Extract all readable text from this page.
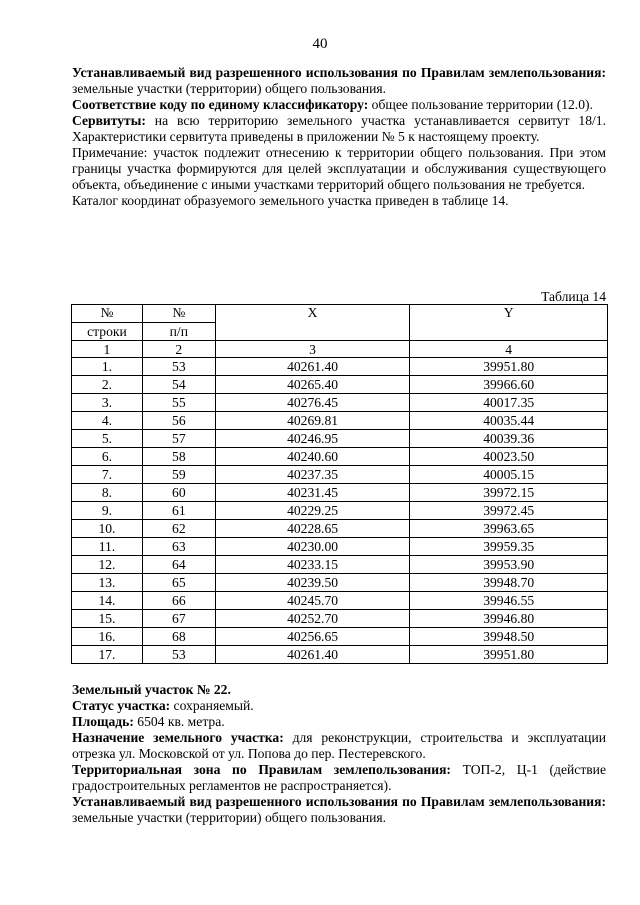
40

Устанавливаемый вид разрешенного использования по Правилам землепользования: земельные участки (территории) общего пользования.

Соответствие коду по единому классификатору: общее пользование территории (12.0).

Сервитуты: на всю территорию земельного участка устанавливается сервитут 18/1. Характеристики сервитута приведены в приложении № 5 к настоящему проекту.

Примечание: участок подлежит отнесению к территории общего пользования. При этом границы участка формируются для целей эксплуатации и обслуживания существующего объекта, объединение с иными участками территорий общего пользования не требуется.

Каталог координат образуемого земельного участка приведен в таблице 14.

Таблица 14
№	№	X	Y
строки	п/п		
1	2	3	4
1.	53	40261.40	39951.80
2.	54	40265.40	39966.60
3.	55	40276.45	40017.35
4.	56	40269.81	40035.44
5.	57	40246.95	40039.36
6.	58	40240.60	40023.50
7.	59	40237.35	40005.15
8.	60	40231.45	39972.15
9.	61	40229.25	39972.45
10.	62	40228.65	39963.65
11.	63	40230.00	39959.35
12.	64	40233.15	39953.90
13.	65	40239.50	39948.70
14.	66	40245.70	39946.55
15.	67	40252.70	39946.80
16.	68	40256.65	39948.50
17.	53	40261.40	39951.80

Земельный участок № 22.

Статус участка: сохраняемый.

Площадь: 6504 кв. метра.

Назначение земельного участка: для реконструкции, строительства и эксплуатации отрезка ул. Московской от ул. Попова до пер. Пестеревского.

Территориальная зона по Правилам землепользования: ТОП-2, Ц-1 (действие градостроительных регламентов не распространяется).

Устанавливаемый вид разрешенного использования по Правилам землепользования: земельные участки (территории) общего пользования.
